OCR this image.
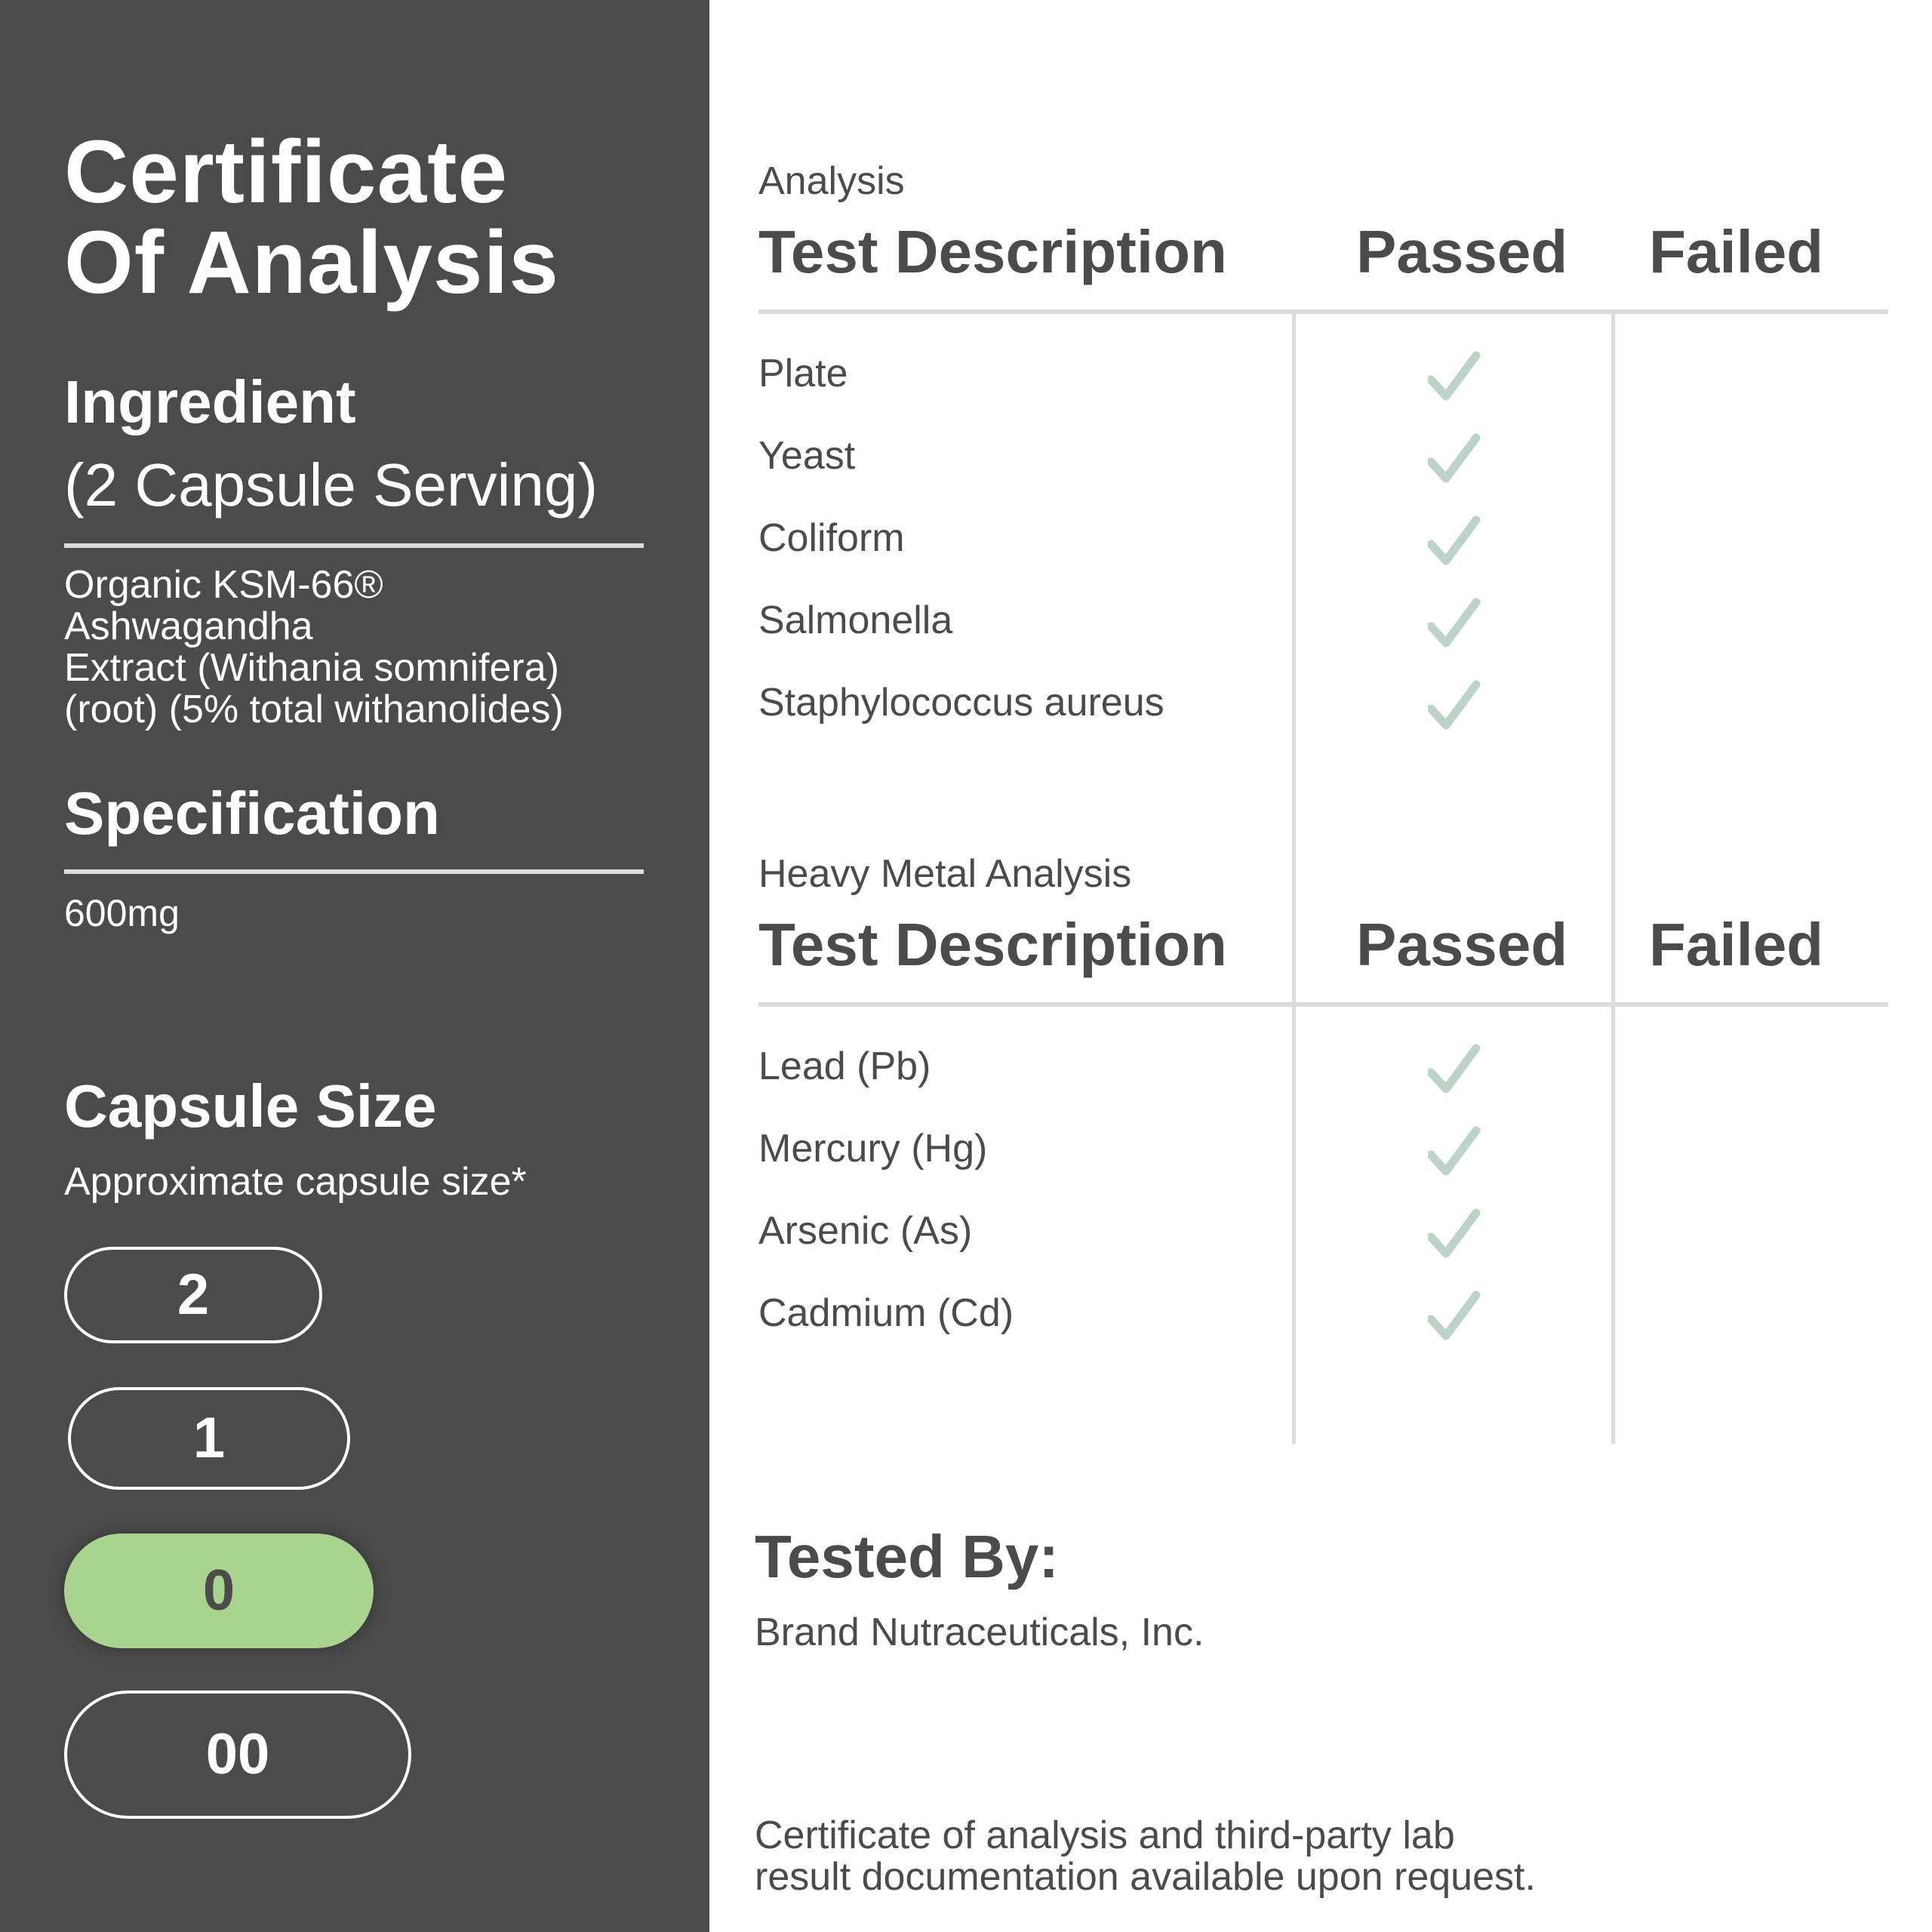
Certificate
Of Analysis
Ingredient
(2 Capsule Serving)
Organic KSM-66®
Ashwagandha
Extract (Withania somnifera)
(root) (5% total withanolides)
Specification
600mg
Capsule Size
Approximate capsule size*
2
1
0
00
Analysis
Test Description Passed Failed
Plate
Yeast
Coliform
Salmonella
Staphylococcus aureus
Heavy Metal Analysis
Test Description Passed Failed
Lead (Pb)
Mercury (Hg)
Arsenic (As)
Cadmium (Cd)
Tested By:
Brand Nutraceuticals, Inc.
Certificate of analysis and third-party lab
result documentation available upon request.
